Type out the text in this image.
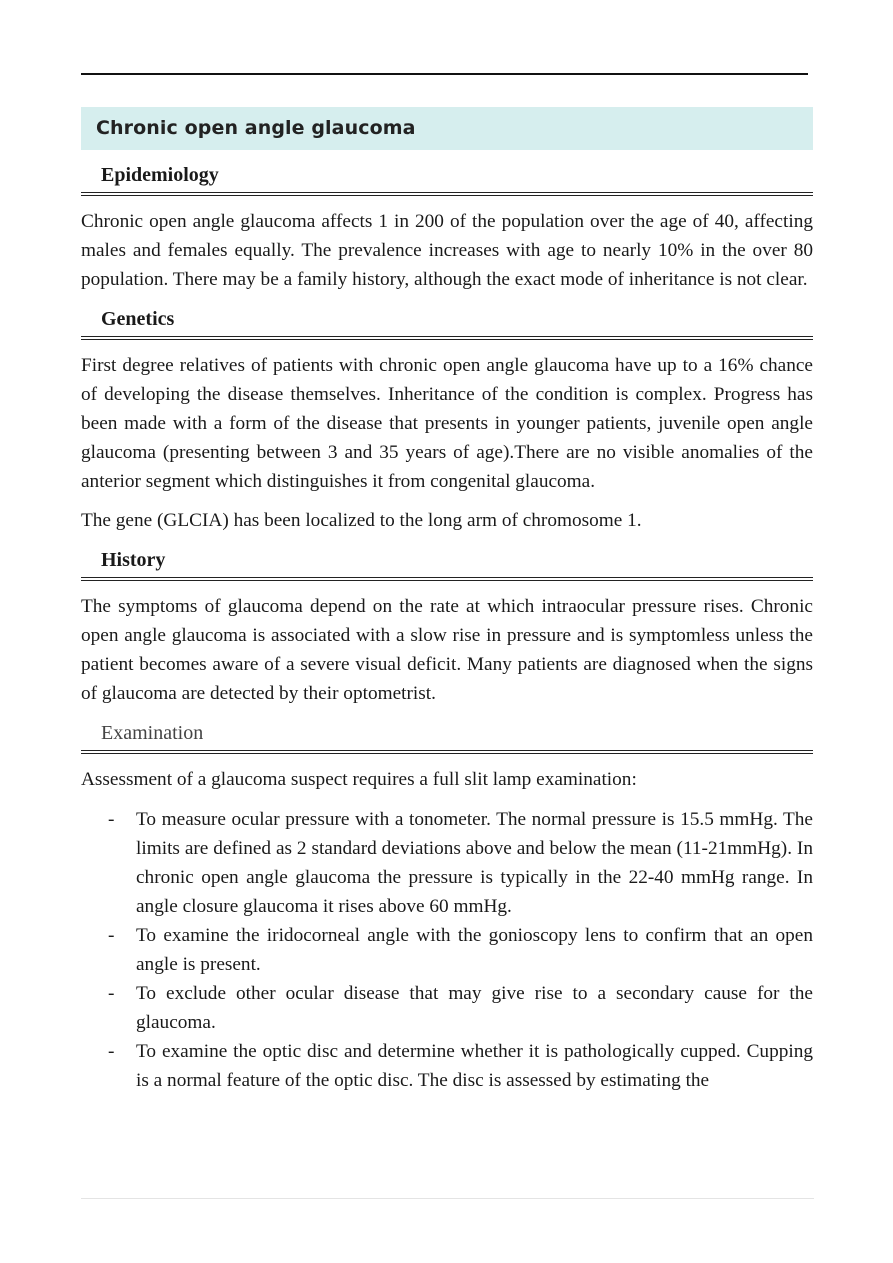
Chronic open angle glaucoma
Epidemiology

Chronic open angle glaucoma affects 1 in 200 of the population over the age of 40, affecting males and females equally. The prevalence increases with age to nearly 10% in the over 80 population. There may be a family history, although the exact mode of inheritance is not clear.

Genetics

First degree relatives of patients with chronic open angle glaucoma have up to a 16% chance of developing the disease themselves. Inheritance of the condition is complex. Progress has been made with a form of the disease that presents in younger patients, juvenile open angle glaucoma (presenting between 3 and 35 years of age).There are no visible anomalies of the anterior segment which distinguishes it from congenital glaucoma.

The gene (GLCIA) has been localized to the long arm of chromosome 1.

History

The symptoms of glaucoma depend on the rate at which intraocular pressure rises. Chronic open angle glaucoma is associated with a slow rise in pressure and is symptomless unless the patient becomes aware of a severe visual deficit. Many patients are diagnosed when the signs of glaucoma are detected by their optometrist.

Examination

Assessment of a glaucoma suspect requires a full slit lamp examination:

- To measure ocular pressure with a tonometer. The normal pressure is 15.5 mmHg. The limits are defined as 2 standard deviations above and below the mean (11-21mmHg). In chronic open angle glaucoma the pressure is typically in the 22-40 mmHg range. In angle closure glaucoma it rises above 60 mmHg.
- To examine the iridocorneal angle with the gonioscopy lens to confirm that an open angle is present.
- To exclude other ocular disease that may give rise to a secondary cause for the glaucoma.
- To examine the optic disc and determine whether it is pathologically cupped. Cupping is a normal feature of the optic disc. The disc is assessed by estimating the
